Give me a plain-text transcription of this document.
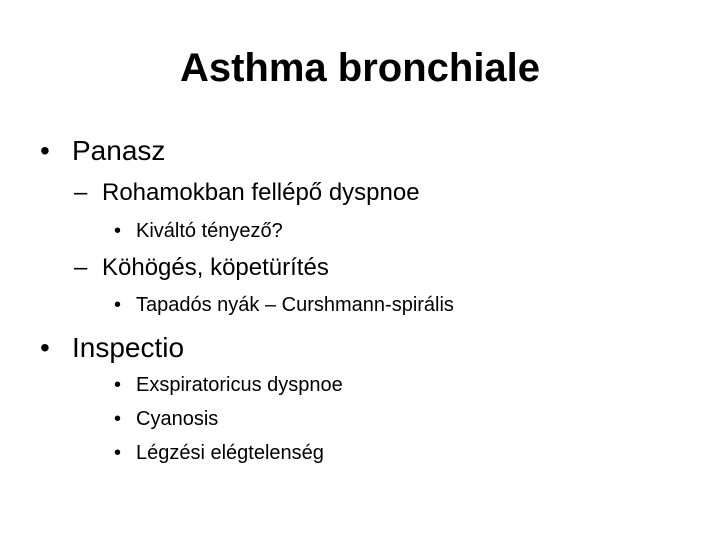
Asthma bronchiale
• Panasz
– Rohamokban fellépő dyspnoe
• Kiváltó tényező?
– Köhögés, köpetürítés
• Tapadós nyák – Curshmann-spirális
• Inspectio
• Exspiratoricus dyspnoe
• Cyanosis
• Légzési elégtelenség
